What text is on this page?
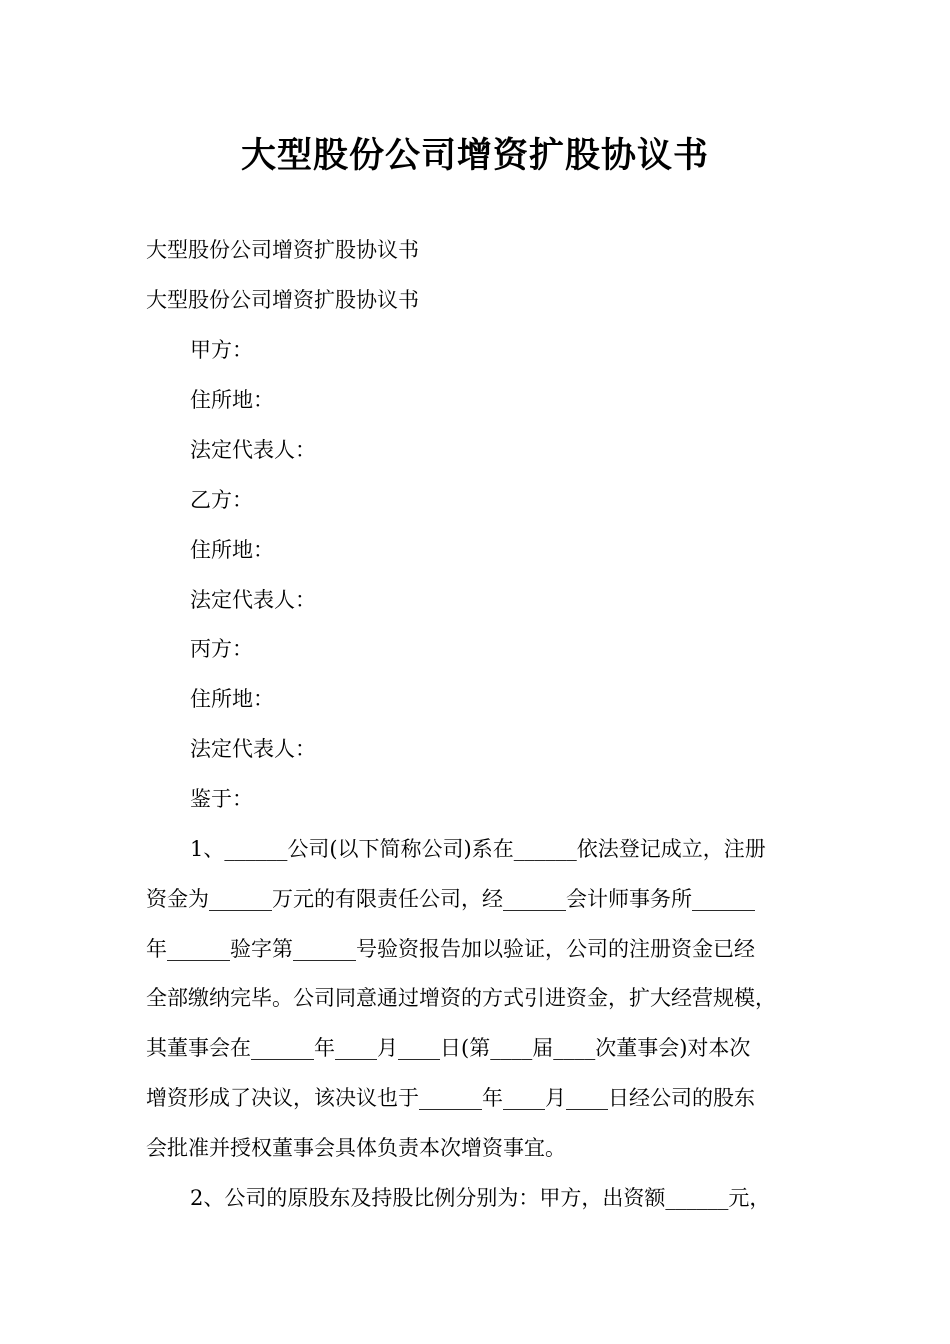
大型股份公司增资扩股协议书

大型股份公司增资扩股协议书

大型股份公司增资扩股协议书

甲方：

住所地：

法定代表人：

乙方：

住所地：

法定代表人：

丙方：

住所地：

法定代表人：

鉴于：

1、______公司(以下简称公司)系在______依法登记成立，注册

资金为______万元的有限责任公司，经______会计师事务所______

年______验字第______号验资报告加以验证，公司的注册资金已经

全部缴纳完毕。公司同意通过增资的方式引进资金，扩大经营规模，

其董事会在______年____月____日(第____届____次董事会)对本次

增资形成了决议，该决议也于______年____月____日经公司的股东

会批准并授权董事会具体负责本次增资事宜。

2、公司的原股东及持股比例分别为：甲方，出资额______元，
